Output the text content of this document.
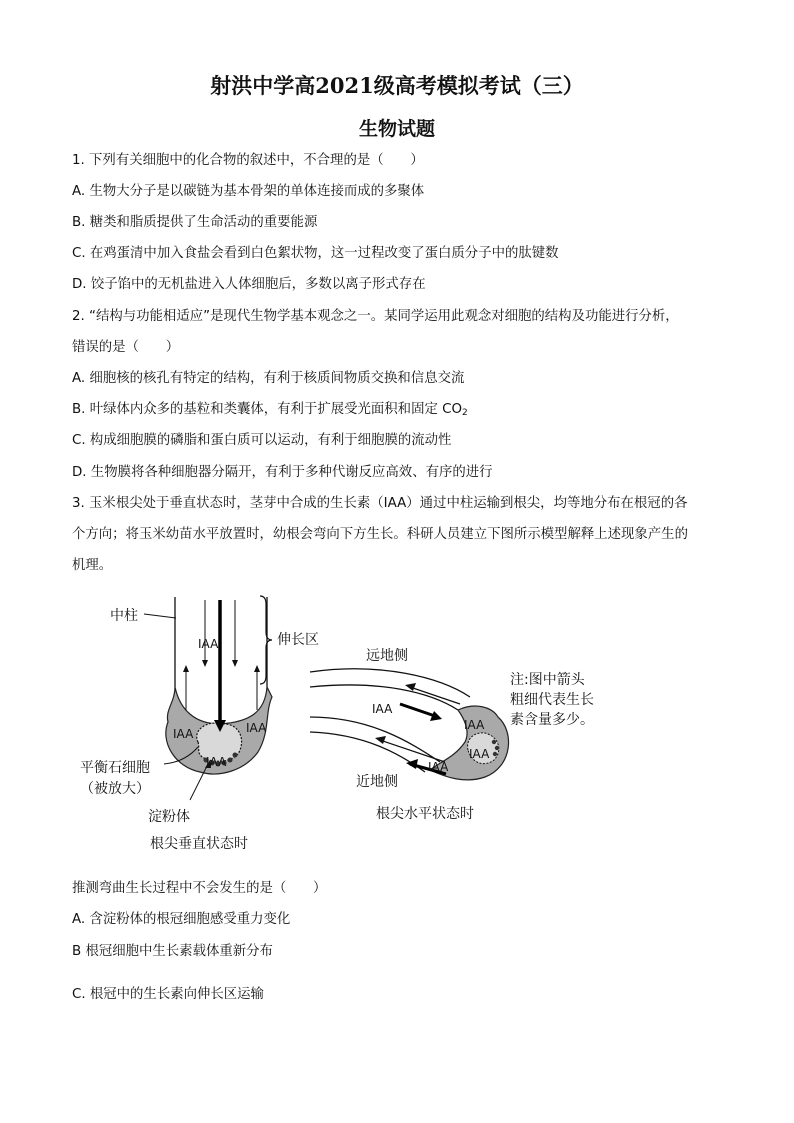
射洪中学高2021级高考模拟考试（三）
生物试题
1. 下列有关细胞中的化合物的叙述中，不合理的是（　　）
A. 生物大分子是以碳链为基本骨架的单体连接而成的多聚体
B. 糖类和脂质提供了生命活动的重要能源
C. 在鸡蛋清中加入食盐会看到白色絮状物，这一过程改变了蛋白质分子中的肽键数
D. 饺子馅中的无机盐进入人体细胞后，多数以离子形式存在
2. “结构与功能相适应”是现代生物学基本观念之一。某同学运用此观念对细胞的结构及功能进行分析，
错误的是（　　）
A. 细胞核的核孔有特定的结构，有利于核质间物质交换和信息交流
B. 叶绿体内众多的基粒和类囊体，有利于扩展受光面积和固定 $CO_2$
C. 构成细胞膜的磷脂和蛋白质可以运动，有利于细胞膜的流动性
D. 生物膜将各种细胞器分隔开，有利于多种代谢反应高效、有序的进行
3. 玉米根尖处于垂直状态时，茎芽中合成的生长素（IAA）通过中柱运输到根尖，均等地分布在根冠的各
个方向；将玉米幼苗水平放置时，幼根会弯向下方生长。科研人员建立下图所示模型解释上述现象产生的
机理。
IAA
IAA	IAA
IAA
中柱
伸长区
平衡石细胞
（被放大）
淀粉体
根尖垂直状态时
IAA
IAA
IAA
IAA
远地侧
近地侧
根尖水平状态时
注:图中箭头
粗细代表生长
素含量多少。
推测弯曲生长过程中不会发生的是（　　）
A. 含淀粉体的根冠细胞感受重力变化
B 根冠细胞中生长素载体重新分布
C. 根冠中的生长素向伸长区运输
